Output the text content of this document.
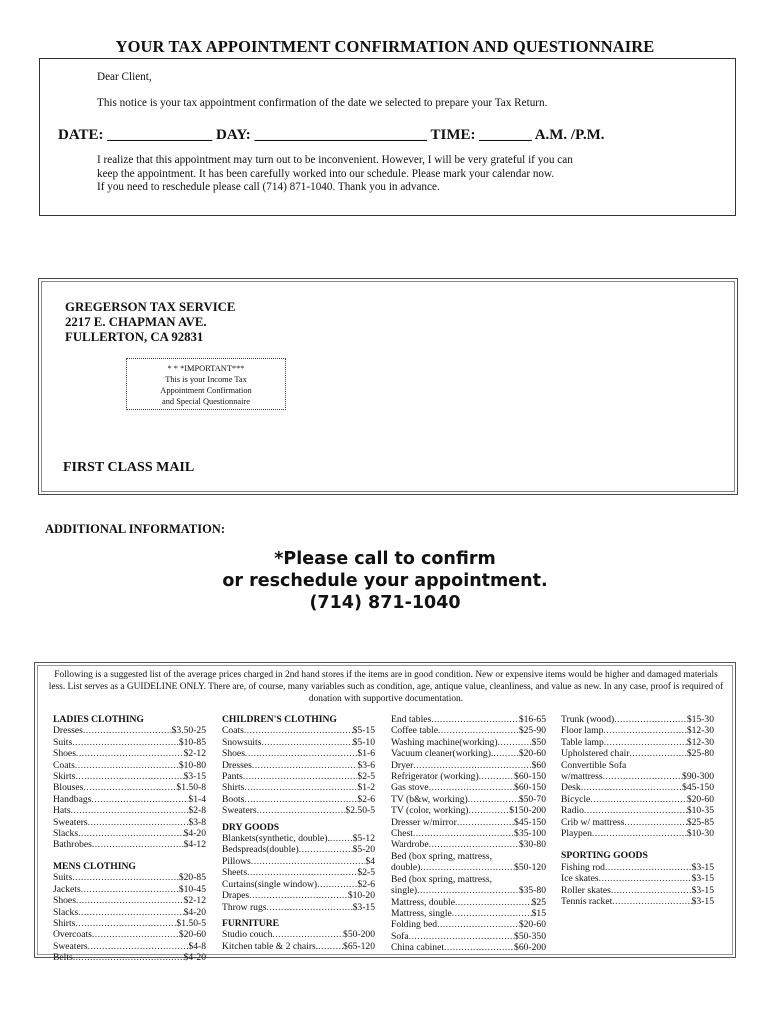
YOUR TAX APPOINTMENT CONFIRMATION AND QUESTIONNAIRE
Dear Client,
This notice is your tax appointment confirmation of the date we selected to prepare your Tax Return.
DATE: ______________ DAY: _______________________ TIME: _______ A.M. /P.M.
I realize that this appointment may turn out to be inconvenient. However, I will be very grateful if you can
keep the appointment. It has been carefully worked into our schedule. Please mark your calendar now.
If you need to reschedule please call (714) 871-1040. Thank you in advance.
GREGERSON TAX SERVICE
2217 E. CHAPMAN AVE.
FULLERTON, CA 92831
* * *IMPORTANT***
This is your Income Tax
Appointment Confirmation
and Special Questionnaire
FIRST CLASS MAIL
ADDITIONAL INFORMATION:
*Please call to confirm
or reschedule your appointment.
(714) 871-1040
Following is a suggested list of the average prices charged in 2nd hand stores if the items are in good condition. New or expensive items would be higher and damaged materials less. List serves as a GUIDELINE ONLY. There are, of course, many variables such as condition, age, antique value, cleanliness, and value as new. In any case, proof is required of donation with supportive documentation.
LADIES CLOTHING
Dresses .....	$3.50-25
Suits .....	$10-85
Shoes .....	$2-12
Coats .....	$10-80
Skirts .....	$3-15
Blouses .....	$1.50-8
Handbags .....	$1-4
Hats .....	$2-8
Sweaters .....	$3-8
Slacks .....	$4-20
Bathrobes .....	$4-12
MENS CLOTHING
Suits .....	$20-85
Jackets .....	$10-45
Shoes .....	$2-12
Slacks .....	$4-20
Shirts .....	$1.50-5
Overcoats .....	$20-60
Sweaters .....	$4-8
Belts .....	$4-20
CHILDREN'S CLOTHING
Coats .....	$5-15
Snowsuits .....	$5-10
Shoes .....	$1-6
Dresses .....	$3-6
Pants .....	$2-5
Shirts .....	$1-2
Boots .....	$2-6
Sweaters .....	$2.50-5
DRY GOODS
Blankets(synthetic, double). ..... $5-12
Bedspreads(double) .....	$5-20
Pillows .....	$4
Sheets .....	$2-5
Curtains(single window) .....	$2-6
Drapes .....	$10-20
Throw rugs .....	$3-15
FURNITURE
Studio couch .....	$50-200
Kitchen table & 2 chairs. .....	$65-120
End tables .....	$16-65
Coffee table .....	$25-90
Washing machine(working) .....	$50
Vacuum cleaner(working). .....	$20-60
Dryer .....	$60
Refrigerator (working) .....	$60-150
Gas stove .....	$60-150
TV (b&w, working) .....	$50-70
TV (color, working) .....	$150-200
Dresser w/mirror .....	$45-150
Chest .....	$35-100
Wardrobe .....	$30-80
Bed (box spring, mattress,
double) .....	$50-120
Bed (box spring, mattress,
single) .....	$35-80
Mattress, double .....	$25
Mattress, single .....	$15
Folding bed .....	$20-60
Sofa .....	$50-350
China cabinet .....	$60-200
Trunk (wood) .....	$15-30
Floor lamp .....	$12-30
Table lamp .....	$12-30
Upholstered chair .....	$25-80
Convertible Sofa
w/mattress .....	$90-300
Desk .....	$45-150
Bicycle .....	$20-60
Radio .....	$10-35
Crib w/ mattress .....	$25-85
Playpen .....	$10-30
SPORTING GOODS
Fishing rod .....	$3-15
Ice skates .....	$3-15
Roller skates .....	$3-15
Tennis racket .....	$3-15
